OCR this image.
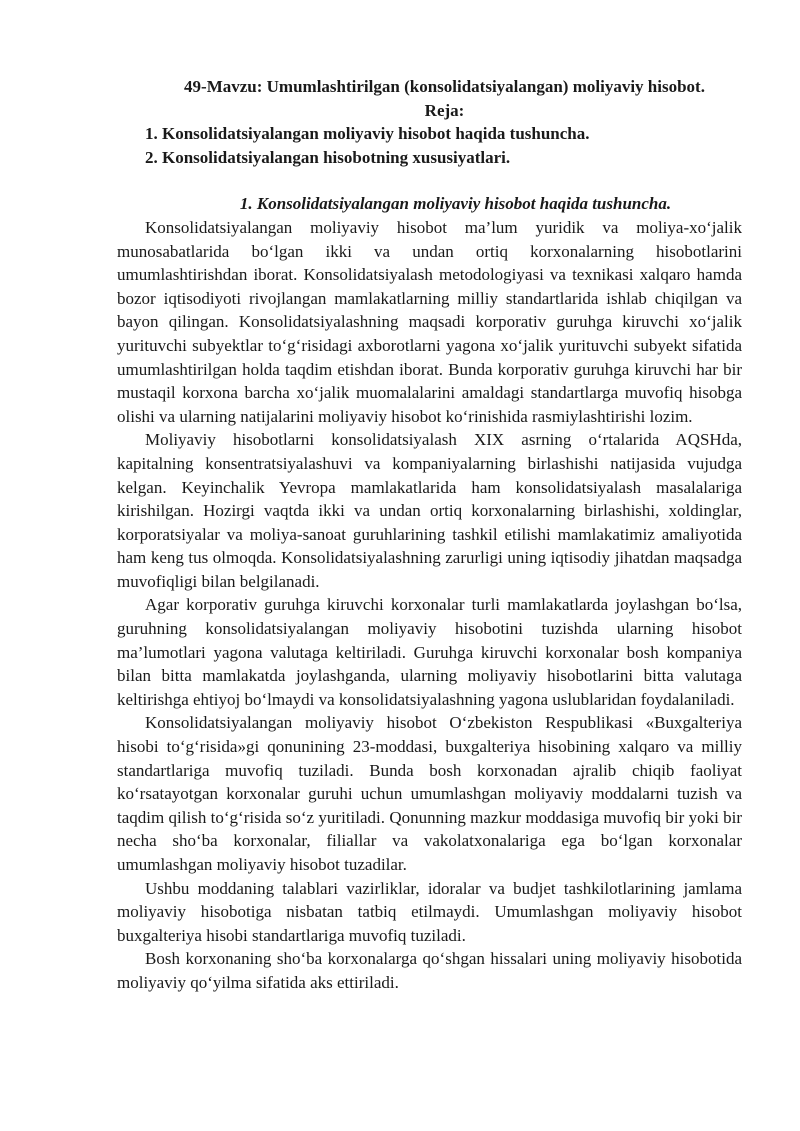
49-Mavzu: Umumlashtirilgan (konsolidatsiyalangan) moliyaviy hisobot.

Reja:

1. Konsolidatsiyalangan moliyaviy hisobot haqida tushuncha.
2. Konsolidatsiyalangan hisobotning xususiyatlari.

1. Konsolidatsiyalangan moliyaviy hisobot haqida tushuncha.

Konsolidatsiyalangan moliyaviy hisobot ma’lum yuridik va moliya-xo‘jalik munosabatlarida bo‘lgan ikki va undan ortiq korxonalarning hisobotlarini umumlashtirishdan iborat. Konsolidatsiyalash metodologiyasi va texnikasi xalqaro hamda bozor iqtisodiyoti rivojlangan mamlakatlarning milliy standartlarida ishlab chiqilgan va bayon qilingan. Konsolidatsiyalashning maqsadi korporativ guruhga kiruvchi xo‘jalik yurituvchi subyektlar to‘g‘risidagi axborotlarni yagona xo‘jalik yurituvchi subyekt sifatida umumlashtirilgan holda taqdim etishdan iborat. Bunda korporativ guruhga kiruvchi har bir mustaqil korxona barcha xo‘jalik muomalalarini amaldagi standartlarga muvofiq hisobga olishi va ularning natijalarini moliyaviy hisobot ko‘rinishida rasmiylashtirishi lozim.

Moliyaviy hisobotlarni konsolidatsiyalash XIX asrning o‘rtalarida AQSHda, kapitalning konsentratsiyalashuvi va kompaniyalarning birlashishi natijasida vujudga kelgan. Keyinchalik Yevropa mamlakatlarida ham konsolidatsiyalash masalalariga kirishilgan. Hozirgi vaqtda ikki va undan ortiq korxonalarning birlashishi, xoldinglar, korporatsiyalar va moliya-sanoat guruhlarining tashkil etilishi mamlakatimiz amaliyotida ham keng tus olmoqda. Konsolidatsiyalashning zarurligi uning iqtisodiy jihatdan maqsadga muvofiqligi bilan belgilanadi.

Agar korporativ guruhga kiruvchi korxonalar turli mamlakatlarda joylashgan bo‘lsa, guruhning konsolidatsiyalangan moliyaviy hisobotini tuzishda ularning hisobot ma’lumotlari yagona valutaga keltiriladi. Guruhga kiruvchi korxonalar bosh kompaniya bilan bitta mamlakatda joylashganda, ularning moliyaviy hisobotlarini bitta valutaga keltirishga ehtiyoj bo‘lmaydi va konsolidatsiyalashning yagona uslublaridan foydalaniladi.

Konsolidatsiyalangan moliyaviy hisobot O‘zbekiston Respublikasi «Buxgalteriya hisobi to‘g‘risida»gi qonunining 23-moddasi, buxgalteriya hisobining xalqaro va milliy standartlariga muvofiq tuziladi. Bunda bosh korxonadan ajralib chiqib faoliyat ko‘rsatayotgan korxonalar guruhi uchun umumlashgan moliyaviy moddalarni tuzish va taqdim qilish to‘g‘risida so‘z yuritiladi. Qonunning mazkur moddasiga muvofiq bir yoki bir necha sho‘ba korxonalar, filiallar va vakolatxonalariga ega bo‘lgan korxonalar umumlashgan moliyaviy hisobot tuzadilar.

Ushbu moddaning talablari vazirliklar, idoralar va budjet tashkilotlarining jamlama moliyaviy hisobotiga nisbatan tatbiq etilmaydi. Umumlashgan moliyaviy hisobot buxgalteriya hisobi standartlariga muvofiq tuziladi.

Bosh korxonaning sho‘ba korxonalarga qo‘shgan hissalari uning moliyaviy hisobotida moliyaviy qo‘yilma sifatida aks ettiriladi.
